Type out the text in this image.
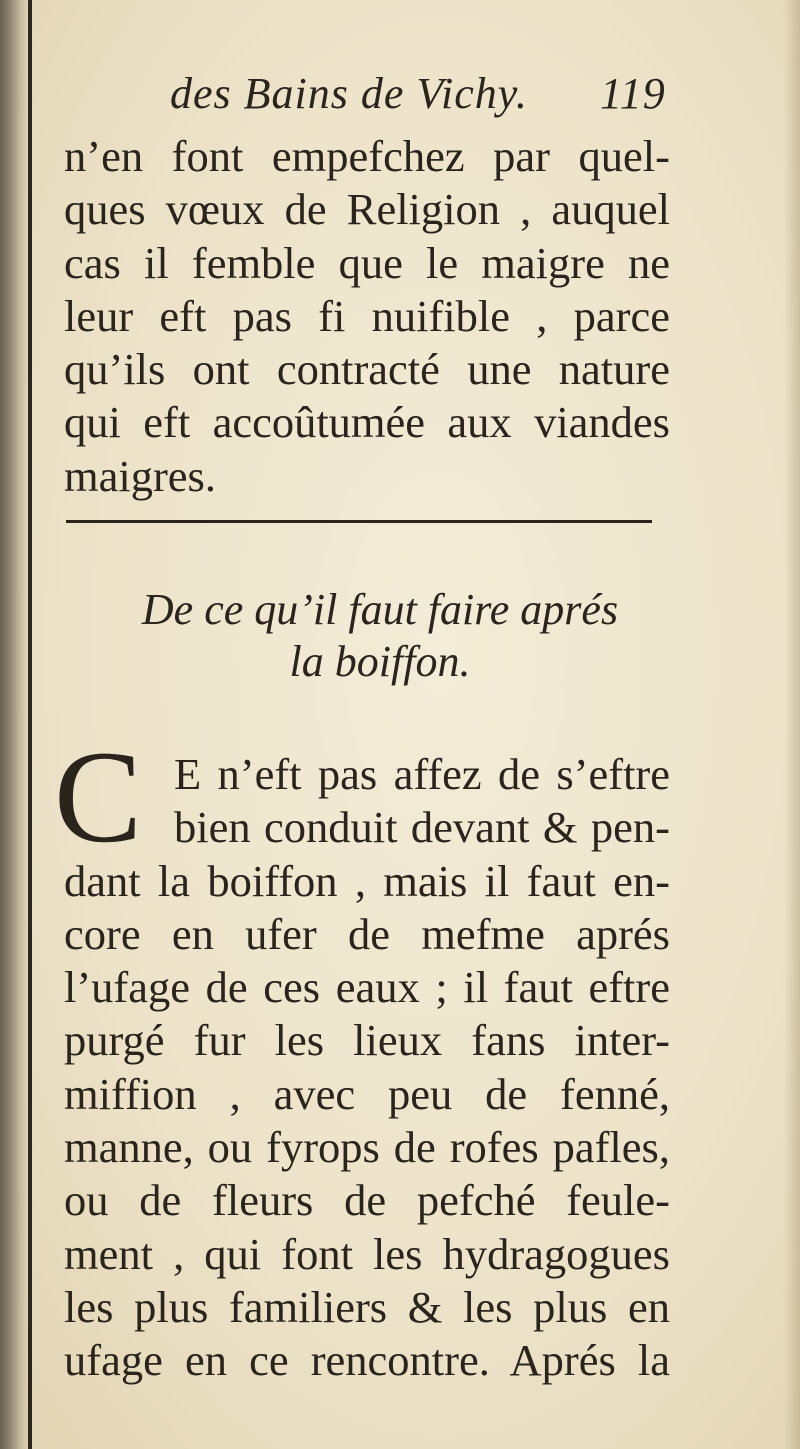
des Bains de Vichy. 119
n’en font empefchez par quel-
ques vœux de Religion , auquel
cas il femble que le maigre ne
leur eft pas fi nuifible , parce
qu’ils ont contracté une nature
qui eft accoûtumée aux viandes
maigres.
De ce qu’il faut faire aprés
la boiffon.
C E n’eft pas affez de s’eftre
bien conduit devant & pen-
dant la boiffon , mais il faut en-
core en ufer de mefme aprés
l’ufage de ces eaux ; il faut eftre
purgé fur les lieux fans inter-
miffion , avec peu de fenné,
manne, ou fyrops de rofes pafles,
ou de fleurs de pefché feule-
ment , qui font les hydragogues
les plus familiers & les plus en
ufage en ce rencontre. Aprés la
